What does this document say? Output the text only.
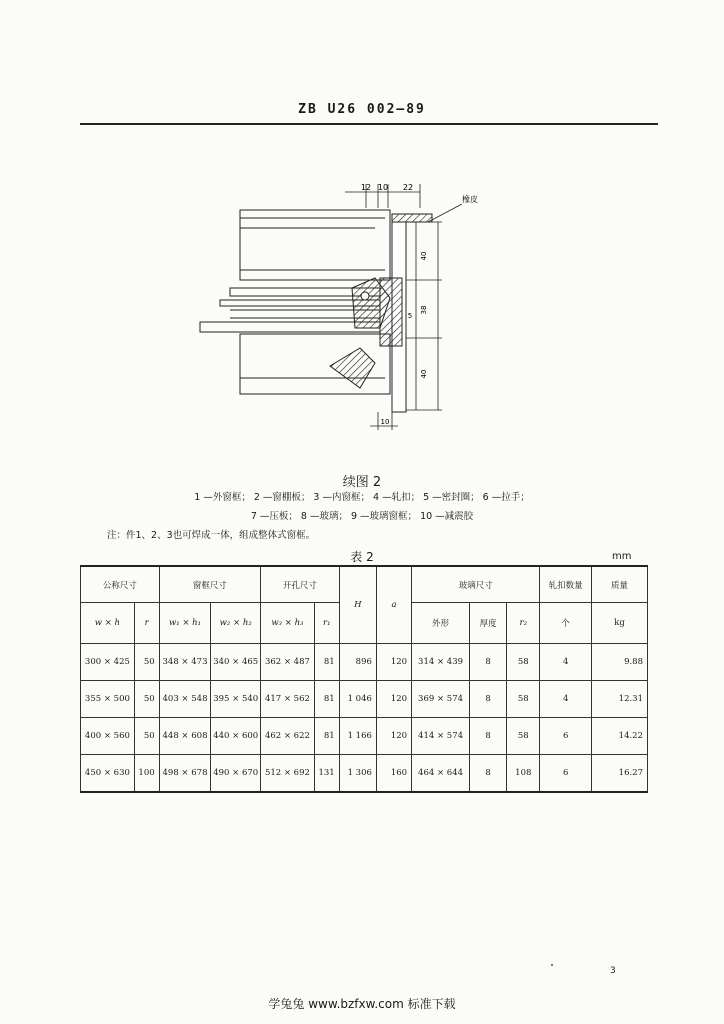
ZB U26 002—89
12 10 22
橡皮
40
38
5
40
10
续图 2
1 —外窗框； 2 —窗棚板； 3 —内窗框； 4 —轧扣； 5 —密封圈； 6 —拉手；
7 —压板； 8 —玻璃； 9 —玻璃窗框； 10 —减震胶
注：件1、2、3也可焊成一体，组成整体式窗框。
表 2	mm
公称尺寸		窗框尺寸		开孔尺寸		H	a	玻璃尺寸			轧扣数量	质量
w × h	r	w₁ × h₁	w₂ × h₂	w₃ × h₃	r₁			外形	厚度	r₂	个	kg
300 × 425	50	348 × 473	340 × 465	362 × 487	81	896	120	314 × 439	8	58	4	9.88
355 × 500	50	403 × 548	395 × 540	417 × 562	81	1 046	120	369 × 574	8	58	4	12.31
400 × 560	50	448 × 608	440 × 600	462 × 622	81	1 166	120	414 × 574	8	58	6	14.22
450 × 630	100	498 × 678	490 × 670	512 × 692	131	1 306	160	464 × 644	8	108	6	16.27
3
学兔兔 www.bzfxw.com 标准下载
